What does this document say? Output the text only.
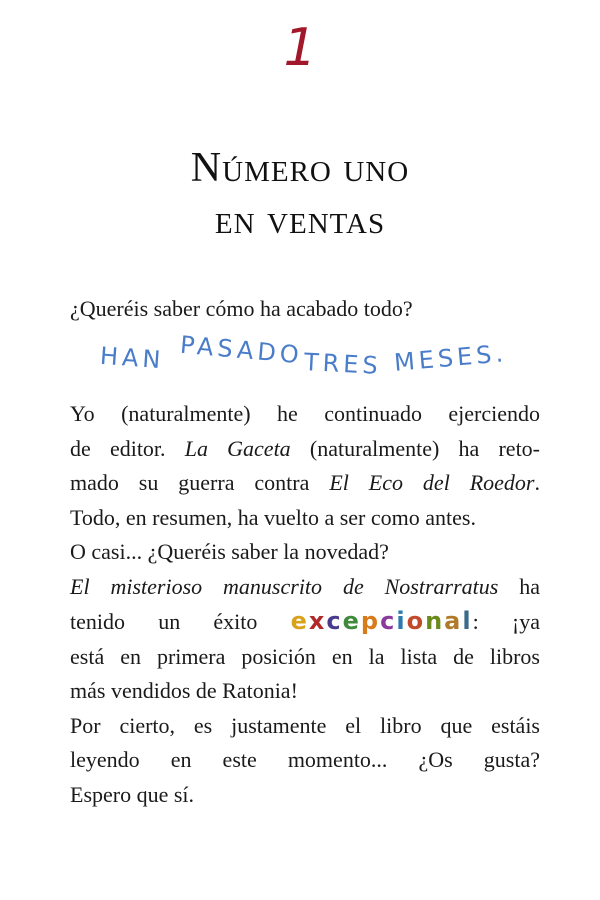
1
Número uno
en ventas
¿Queréis saber cómo ha acabado todo?
HAN PASADO TRES MESES.
Yo (naturalmente) he continuado ejerciendo
de editor. La Gaceta (naturalmente) ha reto-
mado su guerra contra El Eco del Roedor.
Todo, en resumen, ha vuelto a ser como antes.
O casi... ¿Queréis saber la novedad?
El misterioso manuscrito de Nostrarratus ha
tenido un éxito excepcional: ¡ya
está en primera posición en la lista de libros
más vendidos de Ratonia!
Por cierto, es justamente el libro que estáis
leyendo en este momento... ¿Os gusta?
Espero que sí.
